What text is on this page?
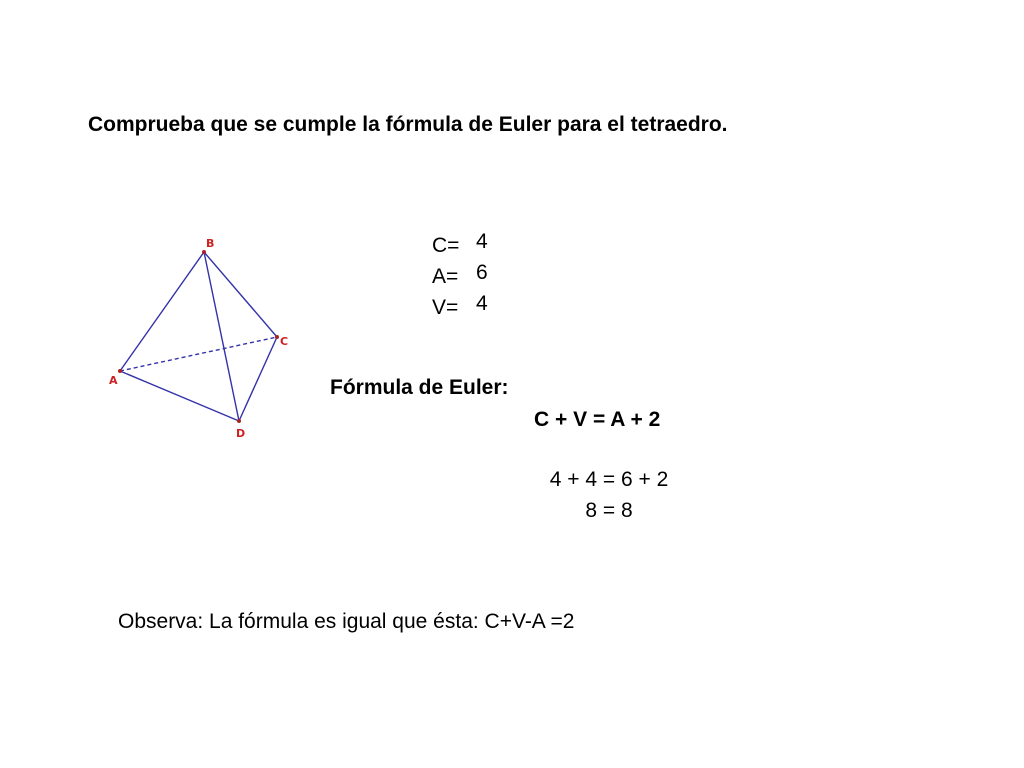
Comprueba que se cumple la fórmula de Euler para el tetraedro.

B
C
A
D
C= 4
A= 6
V= 4
Fórmula de Euler:
C + V = A + 2
4 + 4 = 6 + 2
8 = 8
Observa: La fórmula es igual que ésta: C+V-A =2
